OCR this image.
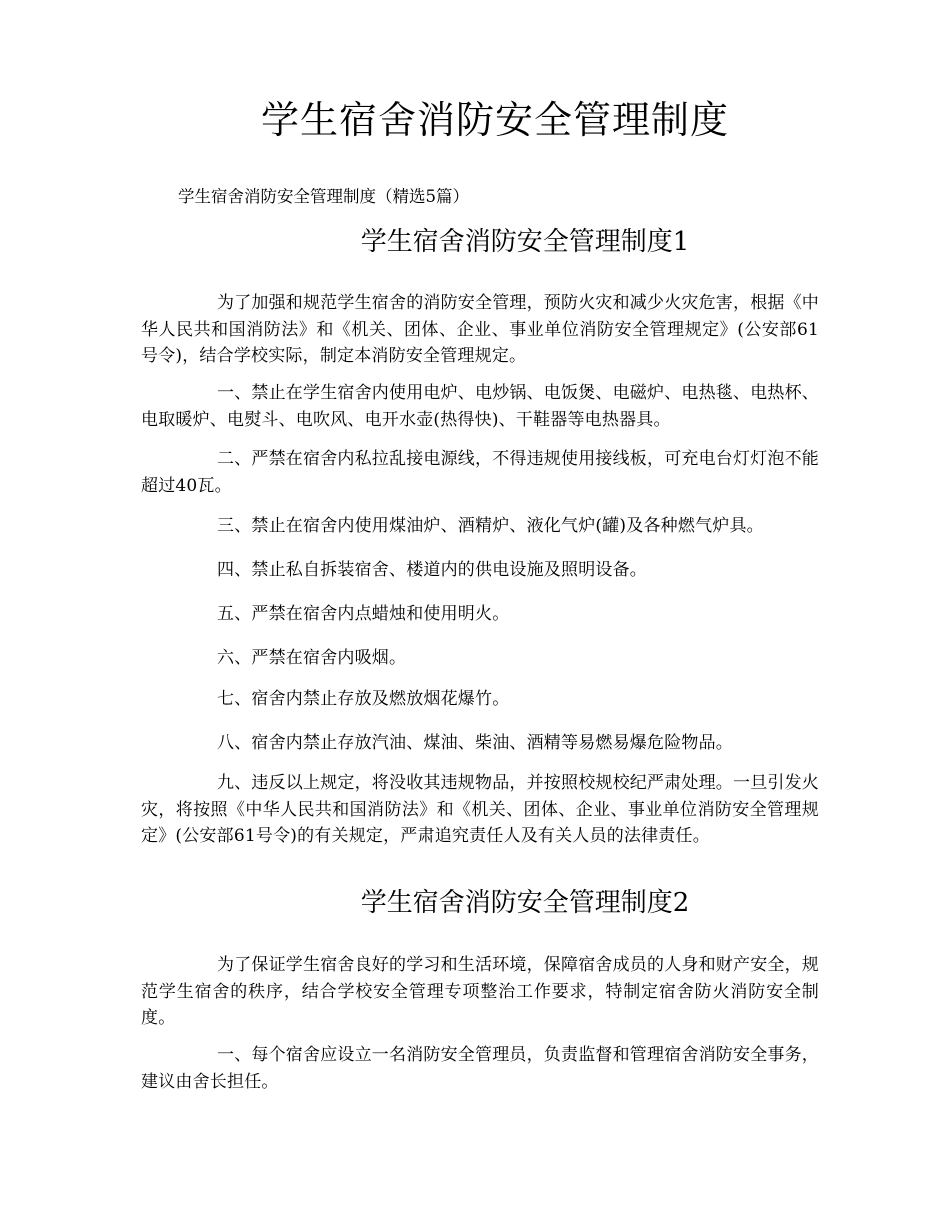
学生宿舍消防安全管理制度

学生宿舍消防安全管理制度（精选5篇）

学生宿舍消防安全管理制度1

为了加强和规范学生宿舍的消防安全管理，预防火灾和减少火灾危害，根据《中华人民共和国消防法》和《机关、团体、企业、事业单位消防安全管理规定》(公安部61号令)，结合学校实际，制定本消防安全管理规定。

一、禁止在学生宿舍内使用电炉、电炒锅、电饭煲、电磁炉、电热毯、电热杯、电取暖炉、电熨斗、电吹风、电开水壶(热得快)、干鞋器等电热器具。

二、严禁在宿舍内私拉乱接电源线，不得违规使用接线板，可充电台灯灯泡不能超过40瓦。

三、禁止在宿舍内使用煤油炉、酒精炉、液化气炉(罐)及各种燃气炉具。

四、禁止私自拆装宿舍、楼道内的供电设施及照明设备。

五、严禁在宿舍内点蜡烛和使用明火。

六、严禁在宿舍内吸烟。

七、宿舍内禁止存放及燃放烟花爆竹。

八、宿舍内禁止存放汽油、煤油、柴油、酒精等易燃易爆危险物品。

九、违反以上规定，将没收其违规物品，并按照校规校纪严肃处理。一旦引发火灾，将按照《中华人民共和国消防法》和《机关、团体、企业、事业单位消防安全管理规定》(公安部61号令)的有关规定，严肃追究责任人及有关人员的法律责任。

学生宿舍消防安全管理制度2

为了保证学生宿舍良好的学习和生活环境，保障宿舍成员的人身和财产安全，规范学生宿舍的秩序，结合学校安全管理专项整治工作要求，特制定宿舍防火消防安全制度。

一、每个宿舍应设立一名消防安全管理员，负责监督和管理宿舍消防安全事务，建议由舍长担任。
